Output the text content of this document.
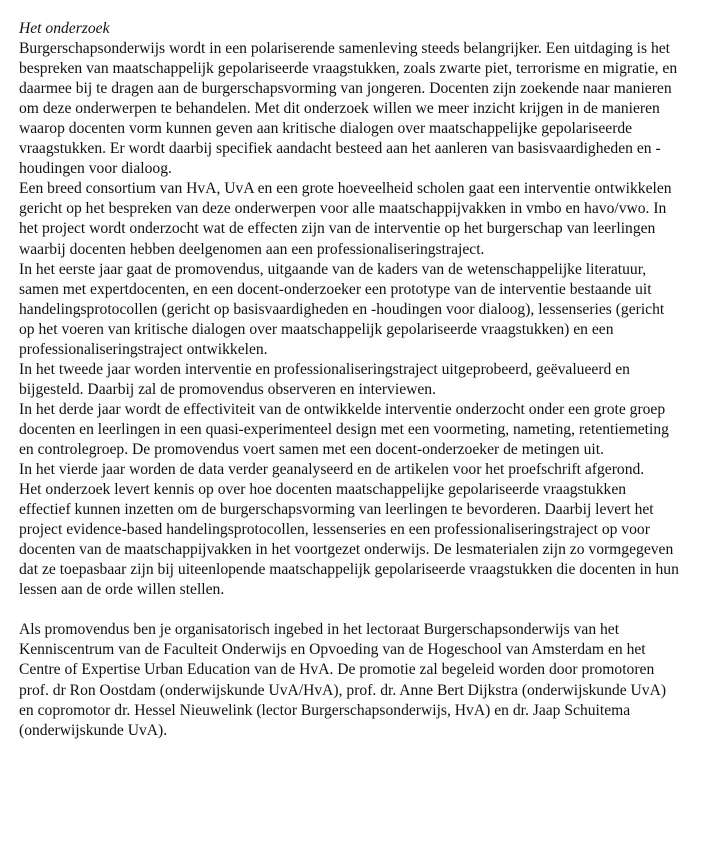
Het onderzoek

Burgerschapsonderwijs wordt in een polariserende samenleving steeds belangrijker. Een uitdaging is het bespreken van maatschappelijk gepolariseerde vraagstukken, zoals zwarte piet, terrorisme en migratie, en daarmee bij te dragen aan de burgerschapsvorming van jongeren. Docenten zijn zoekende naar manieren om deze onderwerpen te behandelen. Met dit onderzoek willen we meer inzicht krijgen in de manieren waarop docenten vorm kunnen geven aan kritische dialogen over maatschappelijke gepolariseerde vraagstukken. Er wordt daarbij specifiek aandacht besteed aan het aanleren van basisvaardigheden en -houdingen voor dialoog.

Een breed consortium van HvA, UvA en een grote hoeveelheid scholen gaat een interventie ontwikkelen gericht op het bespreken van deze onderwerpen voor alle maatschappijvakken in vmbo en havo/vwo. In het project wordt onderzocht wat de effecten zijn van de interventie op het burgerschap van leerlingen waarbij docenten hebben deelgenomen aan een professionaliseringstraject.

In het eerste jaar gaat de promovendus, uitgaande van de kaders van de wetenschappelijke literatuur, samen met expertdocenten, en een docent-onderzoeker een prototype van de interventie bestaande uit handelingsprotocollen (gericht op basisvaardigheden en -houdingen voor dialoog), lessenseries (gericht op het voeren van kritische dialogen over maatschappelijk gepolariseerde vraagstukken) en een professionaliseringstraject ontwikkelen.

In het tweede jaar worden interventie en professionaliseringstraject uitgeprobeerd, geëvalueerd en bijgesteld. Daarbij zal de promovendus observeren en interviewen.

In het derde jaar wordt de effectiviteit van de ontwikkelde interventie onderzocht onder een grote groep docenten en leerlingen in een quasi-experimenteel design met een voormeting, nameting, retentiemeting en controlegroep. De promovendus voert samen met een docent-onderzoeker de metingen uit.

In het vierde jaar worden de data verder geanalyseerd en de artikelen voor het proefschrift afgerond.

Het onderzoek levert kennis op over hoe docenten maatschappelijke gepolariseerde vraagstukken effectief kunnen inzetten om de burgerschapsvorming van leerlingen te bevorderen. Daarbij levert het project evidence-based handelingsprotocollen, lessenseries en een professionaliseringstraject op voor docenten van de maatschappijvakken in het voortgezet onderwijs. De lesmaterialen zijn zo vormgegeven dat ze toepasbaar zijn bij uiteenlopende maatschappelijk gepolariseerde vraagstukken die docenten in hun lessen aan de orde willen stellen.

Als promovendus ben je organisatorisch ingebed in het lectoraat Burgerschapsonderwijs van het Kenniscentrum van de Faculteit Onderwijs en Opvoeding van de Hogeschool van Amsterdam en het Centre of Expertise Urban Education van de HvA. De promotie zal begeleid worden door promotoren prof. dr Ron Oostdam (onderwijskunde UvA/HvA), prof. dr. Anne Bert Dijkstra (onderwijskunde UvA) en copromotor dr. Hessel Nieuwelink (lector Burgerschapsonderwijs, HvA) en dr. Jaap Schuitema (onderwijskunde UvA).
